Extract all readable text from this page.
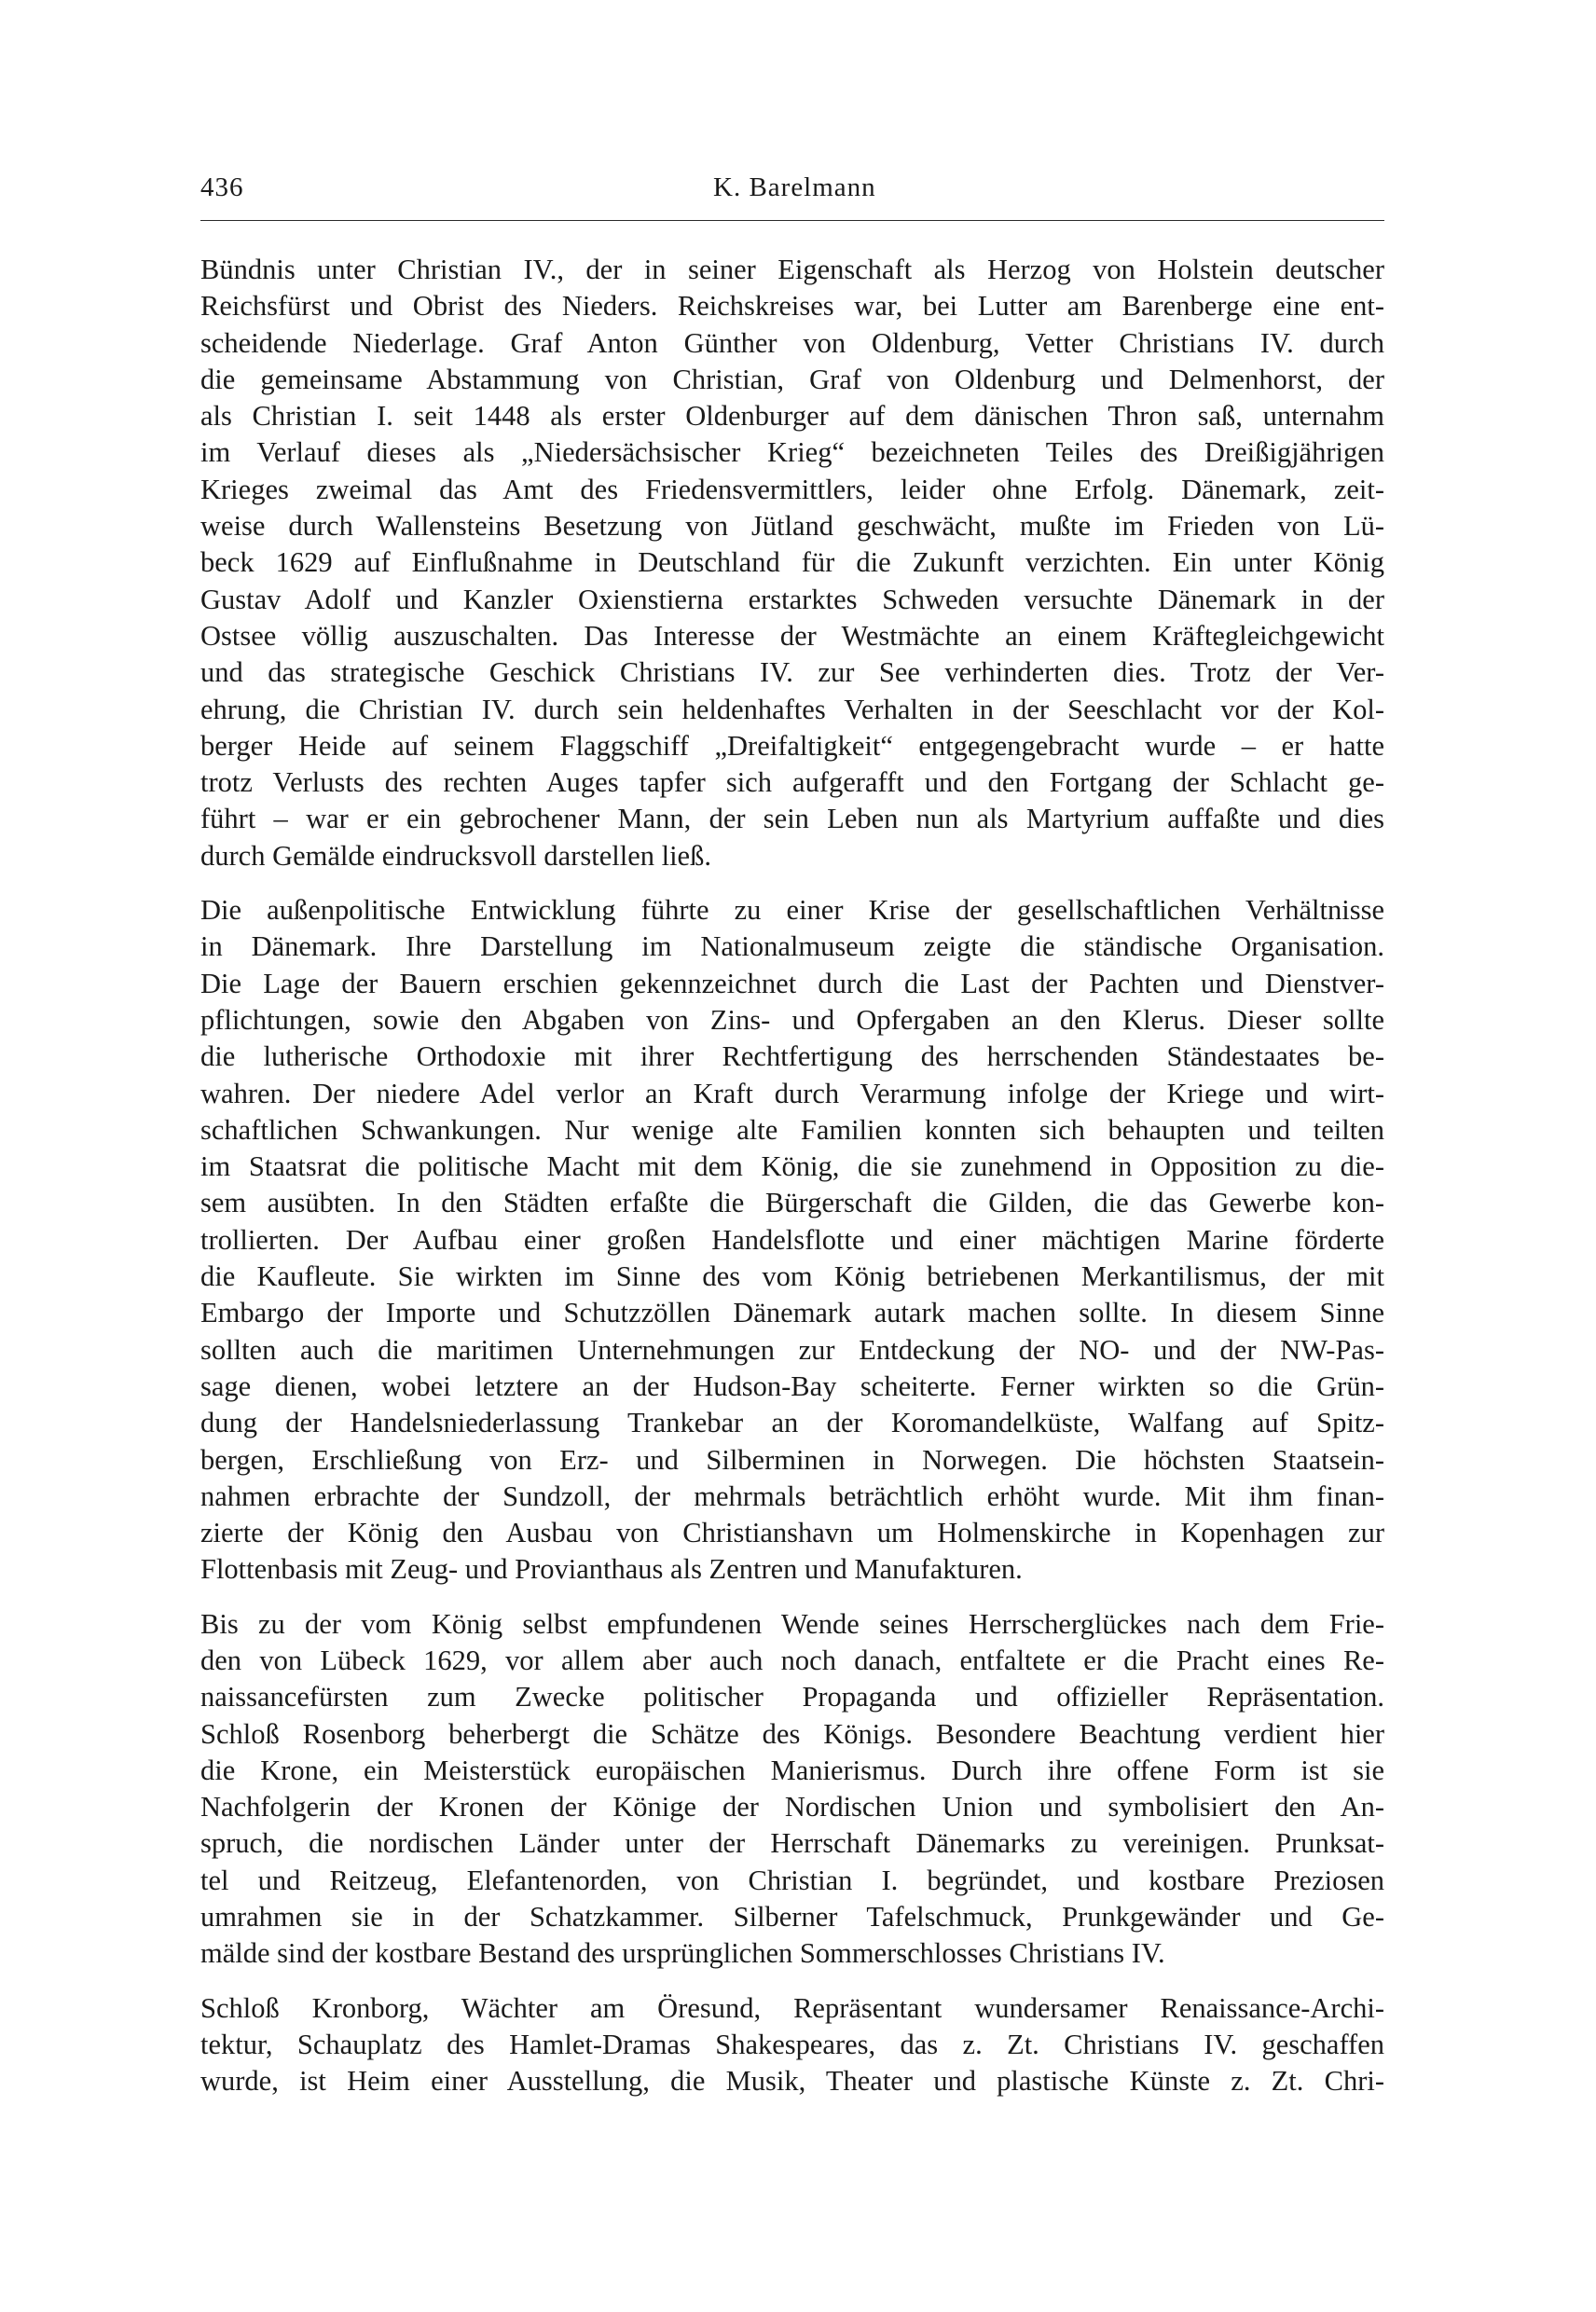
436	K. Barelmann
Bündnis unter Christian IV., der in seiner Eigenschaft als Herzog von Holstein deutscher
Reichsfürst und Obrist des Nieders. Reichskreises war, bei Lutter am Barenberge eine ent-
scheidende Niederlage. Graf Anton Günther von Oldenburg, Vetter Christians IV. durch
die gemeinsame Abstammung von Christian, Graf von Oldenburg und Delmenhorst, der
als Christian I. seit 1448 als erster Oldenburger auf dem dänischen Thron saß, unternahm
im Verlauf dieses als „Niedersächsischer Krieg“ bezeichneten Teiles des Dreißigjährigen
Krieges zweimal das Amt des Friedensvermittlers, leider ohne Erfolg. Dänemark, zeit-
weise durch Wallensteins Besetzung von Jütland geschwächt, mußte im Frieden von Lü-
beck 1629 auf Einflußnahme in Deutschland für die Zukunft verzichten. Ein unter König
Gustav Adolf und Kanzler Oxienstierna erstarktes Schweden versuchte Dänemark in der
Ostsee völlig auszuschalten. Das Interesse der Westmächte an einem Kräftegleichgewicht
und das strategische Geschick Christians IV. zur See verhinderten dies. Trotz der Ver-
ehrung, die Christian IV. durch sein heldenhaftes Verhalten in der Seeschlacht vor der Kol-
berger Heide auf seinem Flaggschiff „Dreifaltigkeit“ entgegengebracht wurde – er hatte
trotz Verlusts des rechten Auges tapfer sich aufgerafft und den Fortgang der Schlacht ge-
führt – war er ein gebrochener Mann, der sein Leben nun als Martyrium auffaßte und dies
durch Gemälde eindrucksvoll darstellen ließ.
Die außenpolitische Entwicklung führte zu einer Krise der gesellschaftlichen Verhältnisse
in Dänemark. Ihre Darstellung im Nationalmuseum zeigte die ständische Organisation.
Die Lage der Bauern erschien gekennzeichnet durch die Last der Pachten und Dienstver-
pflichtungen, sowie den Abgaben von Zins- und Opfergaben an den Klerus. Dieser sollte
die lutherische Orthodoxie mit ihrer Rechtfertigung des herrschenden Ständestaates be-
wahren. Der niedere Adel verlor an Kraft durch Verarmung infolge der Kriege und wirt-
schaftlichen Schwankungen. Nur wenige alte Familien konnten sich behaupten und teilten
im Staatsrat die politische Macht mit dem König, die sie zunehmend in Opposition zu die-
sem ausübten. In den Städten erfaßte die Bürgerschaft die Gilden, die das Gewerbe kon-
trollierten. Der Aufbau einer großen Handelsflotte und einer mächtigen Marine förderte
die Kaufleute. Sie wirkten im Sinne des vom König betriebenen Merkantilismus, der mit
Embargo der Importe und Schutzzöllen Dänemark autark machen sollte. In diesem Sinne
sollten auch die maritimen Unternehmungen zur Entdeckung der NO- und der NW-Pas-
sage dienen, wobei letztere an der Hudson-Bay scheiterte. Ferner wirkten so die Grün-
dung der Handelsniederlassung Trankebar an der Koromandelküste, Walfang auf Spitz-
bergen, Erschließung von Erz- und Silberminen in Norwegen. Die höchsten Staatsein-
nahmen erbrachte der Sundzoll, der mehrmals beträchtlich erhöht wurde. Mit ihm finan-
zierte der König den Ausbau von Christianshavn um Holmenskirche in Kopenhagen zur
Flottenbasis mit Zeug- und Provianthaus als Zentren und Manufakturen.
Bis zu der vom König selbst empfundenen Wende seines Herrscherglückes nach dem Frie-
den von Lübeck 1629, vor allem aber auch noch danach, entfaltete er die Pracht eines Re-
naissancefürsten zum Zwecke politischer Propaganda und offizieller Repräsentation.
Schloß Rosenborg beherbergt die Schätze des Königs. Besondere Beachtung verdient hier
die Krone, ein Meisterstück europäischen Manierismus. Durch ihre offene Form ist sie
Nachfolgerin der Kronen der Könige der Nordischen Union und symbolisiert den An-
spruch, die nordischen Länder unter der Herrschaft Dänemarks zu vereinigen. Prunksat-
tel und Reitzeug, Elefantenorden, von Christian I. begründet, und kostbare Preziosen
umrahmen sie in der Schatzkammer. Silberner Tafelschmuck, Prunkgewänder und Ge-
mälde sind der kostbare Bestand des ursprünglichen Sommerschlosses Christians IV.
Schloß Kronborg, Wächter am Öresund, Repräsentant wundersamer Renaissance-Archi-
tektur, Schauplatz des Hamlet-Dramas Shakespeares, das z. Zt. Christians IV. geschaffen
wurde, ist Heim einer Ausstellung, die Musik, Theater und plastische Künste z. Zt. Chri-
